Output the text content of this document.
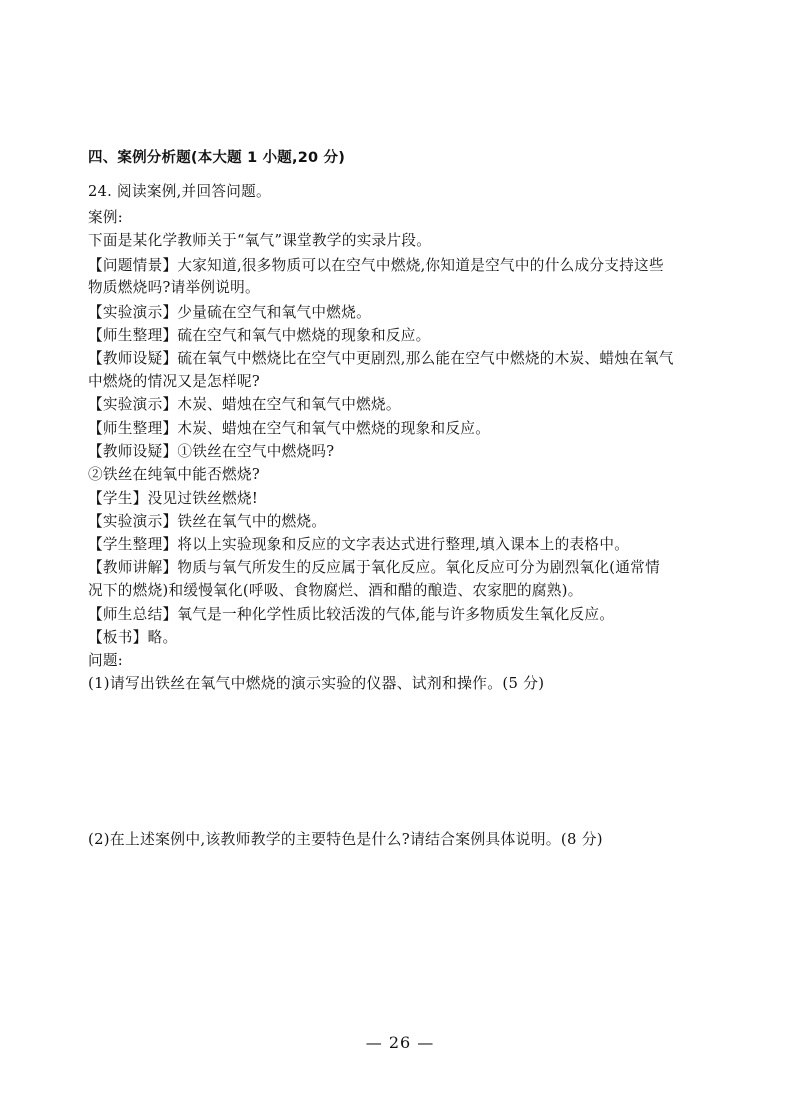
四、案例分析题(本大题 1 小题,20 分)
24. 阅读案例,并回答问题。
案例:
下面是某化学教师关于“氧气”课堂教学的实录片段。
【问题情景】大家知道,很多物质可以在空气中燃烧,你知道是空气中的什么成分支持这些
物质燃烧吗?请举例说明。
【实验演示】少量硫在空气和氧气中燃烧。
【师生整理】硫在空气和氧气中燃烧的现象和反应。
【教师设疑】硫在氧气中燃烧比在空气中更剧烈,那么能在空气中燃烧的木炭、蜡烛在氧气
中燃烧的情况又是怎样呢?
【实验演示】木炭、蜡烛在空气和氧气中燃烧。
【师生整理】木炭、蜡烛在空气和氧气中燃烧的现象和反应。
【教师设疑】①铁丝在空气中燃烧吗?
②铁丝在纯氧中能否燃烧?
【学生】没见过铁丝燃烧!
【实验演示】铁丝在氧气中的燃烧。
【学生整理】将以上实验现象和反应的文字表达式进行整理,填入课本上的表格中。
【教师讲解】物质与氧气所发生的反应属于氧化反应。氧化反应可分为剧烈氧化(通常情
况下的燃烧)和缓慢氧化(呼吸、食物腐烂、酒和醋的酿造、农家肥的腐熟)。
【师生总结】氧气是一种化学性质比较活泼的气体,能与许多物质发生氧化反应。
【板书】略。
问题:
(1)请写出铁丝在氧气中燃烧的演示实验的仪器、试剂和操作。(5 分)
(2)在上述案例中,该教师教学的主要特色是什么?请结合案例具体说明。(8 分)
— 26 —
